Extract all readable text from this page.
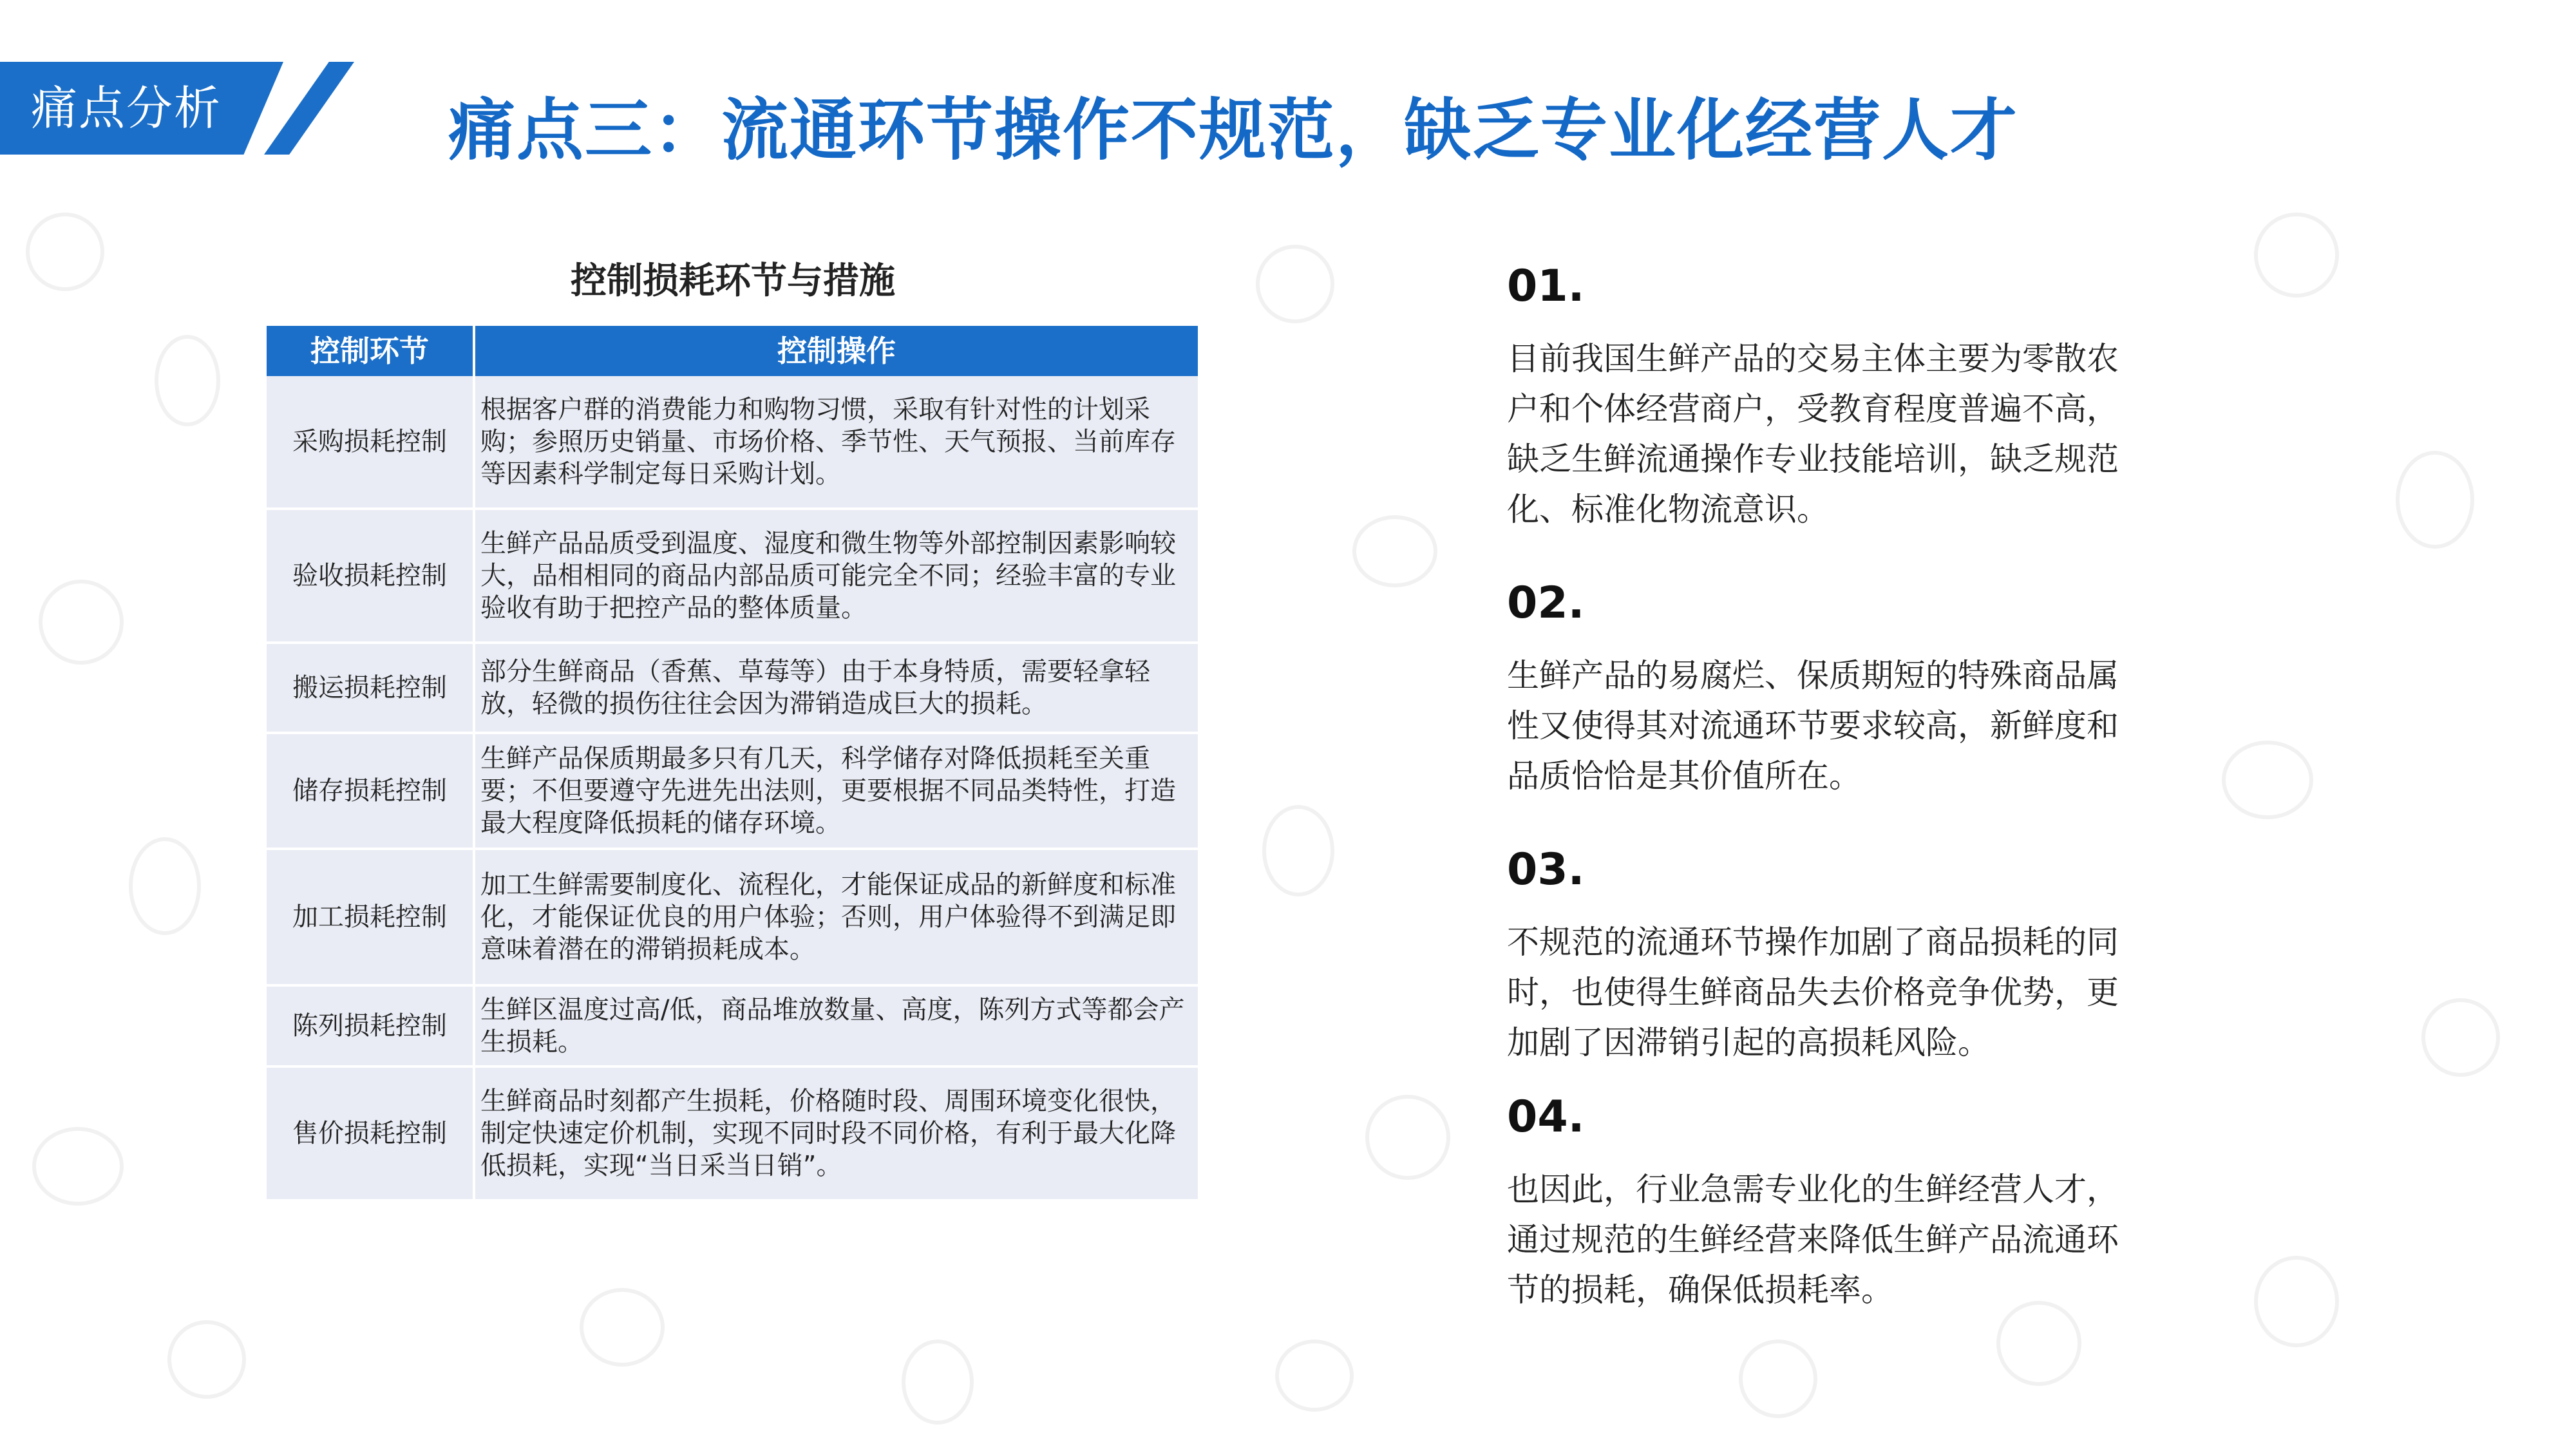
痛点分析	痛点三：流通环节操作不规范，缺乏专业化经营人才
控制损耗环节与措施
控制环节	控制操作
采购损耗控制	根据客户群的消费能力和购物习惯，采取有针对性的计划采购；参照历史销量、市场价格、季节性、天气预报、当前库存等因素科学制定每日采购计划。
验收损耗控制	生鲜产品品质受到温度、湿度和微生物等外部控制因素影响较大，品相相同的商品内部品质可能完全不同；经验丰富的专业验收有助于把控产品的整体质量。
搬运损耗控制	部分生鲜商品（香蕉、草莓等）由于本身特质，需要轻拿轻放，轻微的损伤往往会因为滞销造成巨大的损耗。
储存损耗控制	生鲜产品保质期最多只有几天，科学储存对降低损耗至关重要；不但要遵守先进先出法则，更要根据不同品类特性，打造最大程度降低损耗的储存环境。
加工损耗控制	加工生鲜需要制度化、流程化，才能保证成品的新鲜度和标准化，才能保证优良的用户体验；否则，用户体验得不到满足即意味着潜在的滞销损耗成本。
陈列损耗控制	生鲜区温度过高/低，商品堆放数量、高度，陈列方式等都会产生损耗。
售价损耗控制	生鲜商品时刻都产生损耗，价格随时段、周围环境变化很快，制定快速定价机制，实现不同时段不同价格，有利于最大化降低损耗，实现“当日采当日销”。
01.
目前我国生鲜产品的交易主体主要为零散农户和个体经营商户，受教育程度普遍不高，缺乏生鲜流通操作专业技能培训，缺乏规范化、标准化物流意识。
02.
生鲜产品的易腐烂、保质期短的特殊商品属性又使得其对流通环节要求较高，新鲜度和品质恰恰是其价值所在。
03.
不规范的流通环节操作加剧了商品损耗的同时，也使得生鲜商品失去价格竞争优势，更加剧了因滞销引起的高损耗风险。
04.
也因此，行业急需专业化的生鲜经营人才，通过规范的生鲜经营来降低生鲜产品流通环节的损耗，确保低损耗率。
